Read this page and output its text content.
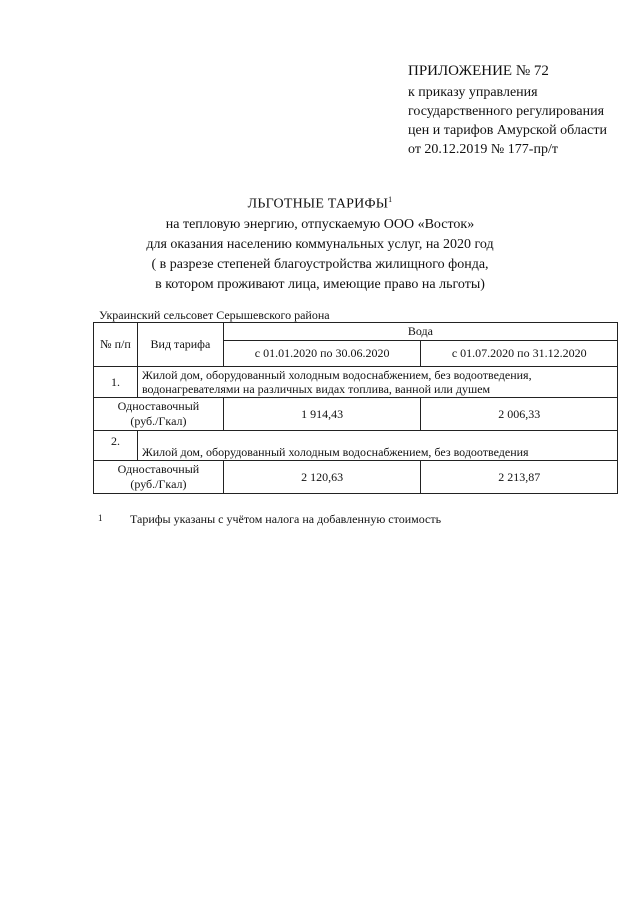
ПРИЛОЖЕНИЕ № 72
к приказу управления
государственного регулирования
цен и тарифов Амурской области
от 20.12.2019 № 177-пр/т
ЛЬГОТНЫЕ ТАРИФЫ$^1$
на тепловую энергию, отпускаемую ООО «Восток»
для оказания населению коммунальных услуг, на 2020 год
( в разрезе степеней благоустройства жилищного фонда,
в котором проживают лица, имеющие право на льготы)
Украинский сельсовет Серышевского района
№ п/п	Вид тарифа	Вода	
		с 01.01.2020 по 30.06.2020	с 01.07.2020 по 31.12.2020
1.	Жилой дом, оборудованный холодным водоснабжением, без водоотведения,
водонагревателями на различных видах топлива, ванной или душем		

Одноставочный
(руб./Гкал)		1 914,43	2 006,33
2.	Жилой дом, оборудованный холодным водоснабжением, без водоотведения		

Одноставочный
(руб./Гкал)		2 120,63	2 213,87
1 Тарифы указаны с учётом налога на добавленную стоимость
